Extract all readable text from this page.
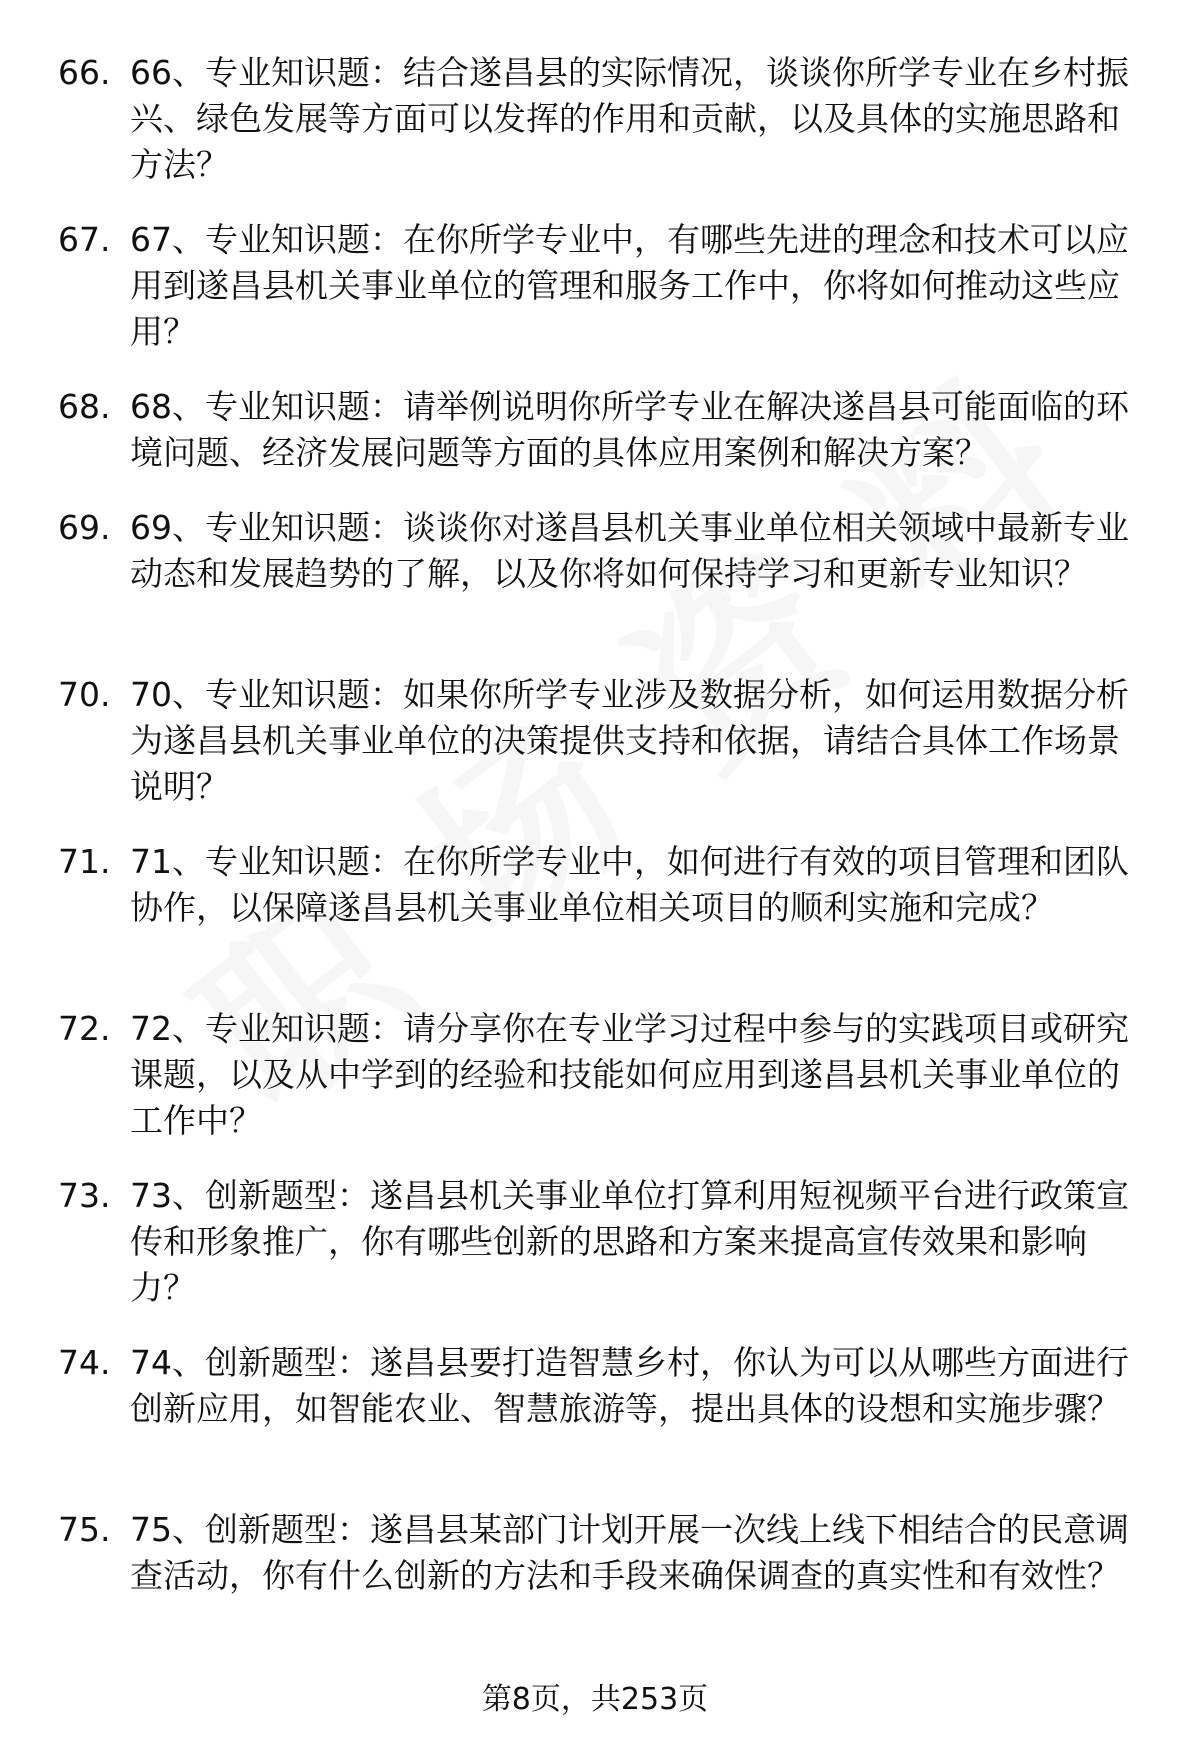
66. 66、专业知识题：结合遂昌县的实际情况，谈谈你所学专业在乡村振兴、绿色发展等方面可以发挥的作用和贡献，以及具体的实施思路和方法？
67. 67、专业知识题：在你所学专业中，有哪些先进的理念和技术可以应用到遂昌县机关事业单位的管理和服务工作中，你将如何推动这些应用？
68. 68、专业知识题：请举例说明你所学专业在解决遂昌县可能面临的环境问题、经济发展问题等方面的具体应用案例和解决方案？
69. 69、专业知识题：谈谈你对遂昌县机关事业单位相关领域中最新专业动态和发展趋势的了解，以及你将如何保持学习和更新专业知识？
70. 70、专业知识题：如果你所学专业涉及数据分析，如何运用数据分析为遂昌县机关事业单位的决策提供支持和依据，请结合具体工作场景说明？
71. 71、专业知识题：在你所学专业中，如何进行有效的项目管理和团队协作，以保障遂昌县机关事业单位相关项目的顺利实施和完成？
72. 72、专业知识题：请分享你在专业学习过程中参与的实践项目或研究课题，以及从中学到的经验和技能如何应用到遂昌县机关事业单位的工作中？
73. 73、创新题型：遂昌县机关事业单位打算利用短视频平台进行政策宣传和形象推广，你有哪些创新的思路和方案来提高宣传效果和影响力？
74. 74、创新题型：遂昌县要打造智慧乡村，你认为可以从哪些方面进行创新应用，如智能农业、智慧旅游等，提出具体的设想和实施步骤？
75. 75、创新题型：遂昌县某部门计划开展一次线上线下相结合的民意调查活动，你有什么创新的方法和手段来确保调查的真实性和有效性？
第8页，共253页
